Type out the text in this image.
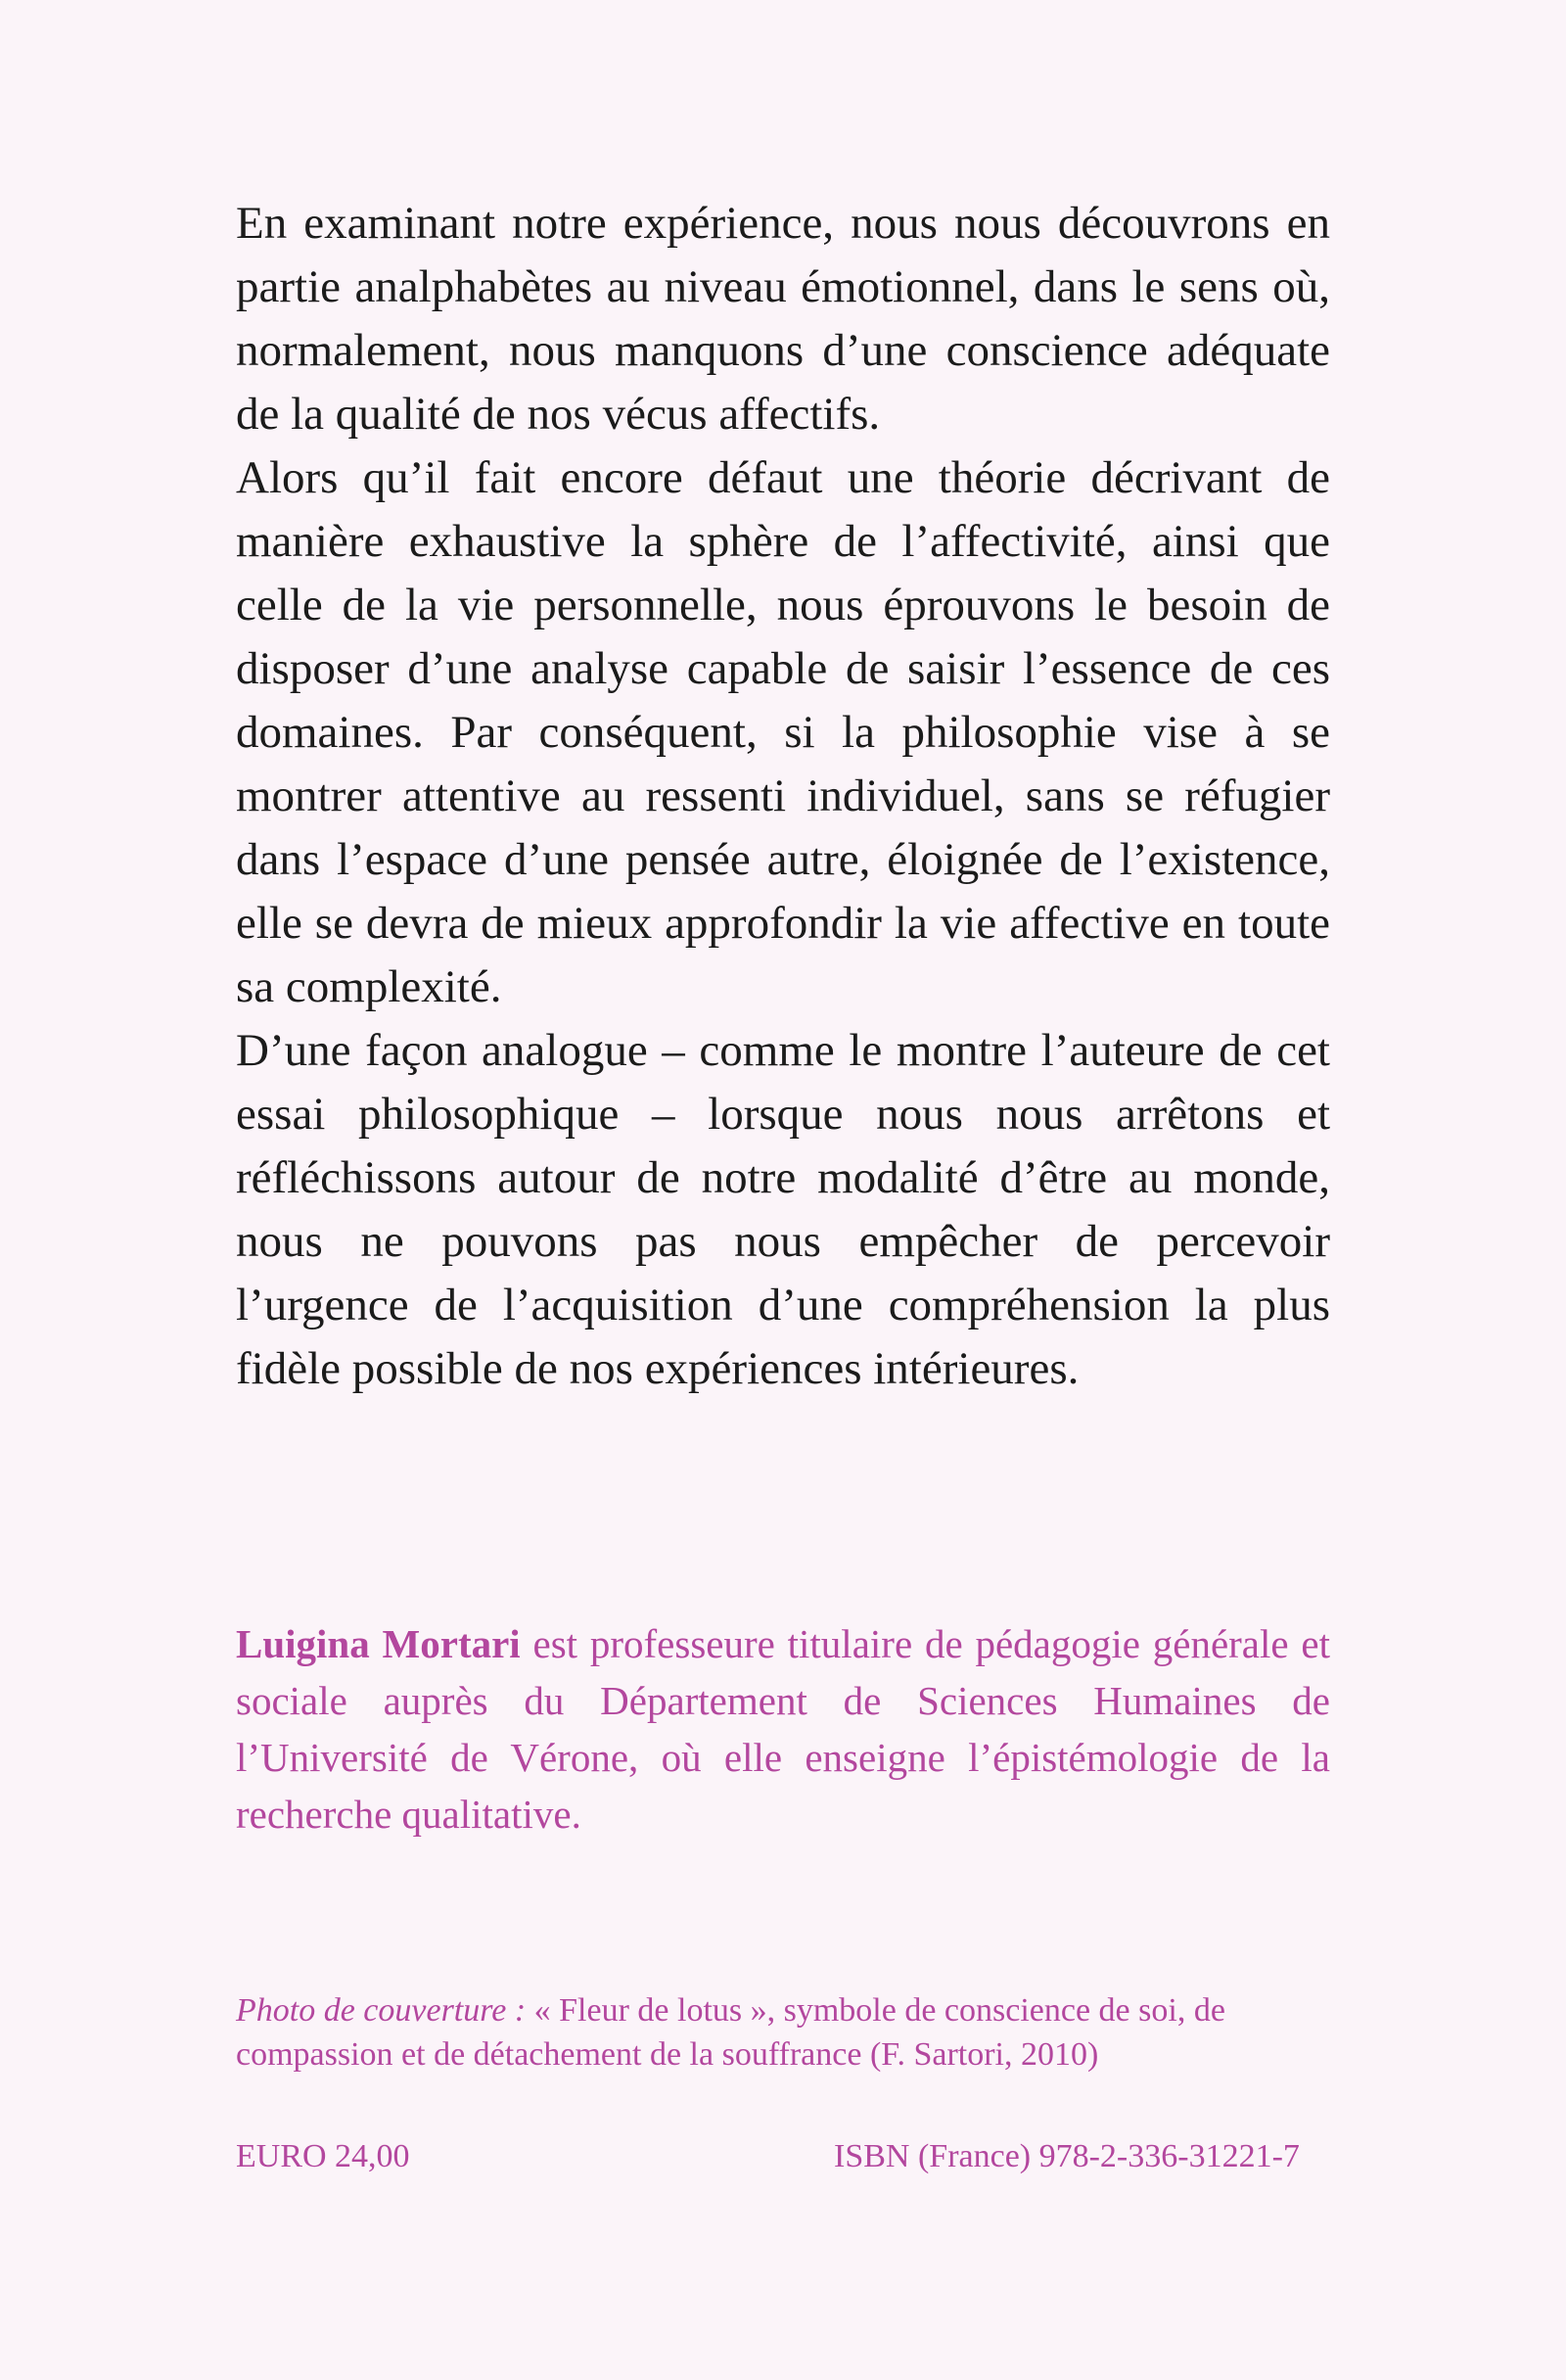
En examinant notre expérience, nous nous découvrons en partie analphabètes au niveau émotionnel, dans le sens où, normalement, nous manquons d’une conscience adéquate de la qualité de nos vécus affectifs.

Alors qu’il fait encore défaut une théorie décrivant de manière exhaustive la sphère de l’affectivité, ainsi que celle de la vie personnelle, nous éprouvons le besoin de disposer d’une analyse capable de saisir l’essence de ces domaines. Par conséquent, si la philosophie vise à se montrer attentive au ressenti individuel, sans se réfugier dans l’espace d’une pensée autre, éloignée de l’existence, elle se devra de mieux approfondir la vie affective en toute sa complexité.

D’une façon analogue – comme le montre l’auteure de cet essai philosophique – lorsque nous nous arrêtons et réfléchissons autour de notre modalité d’être au monde, nous ne pouvons pas nous empêcher de percevoir l’urgence de l’acquisition d’une compréhension la plus fidèle possible de nos expériences intérieures.

Luigina Mortari est professeure titulaire de pédagogie générale et sociale auprès du Département de Sciences Humaines de l’Université de Vérone, où elle enseigne l’épistémologie de la recherche qualitative.

Photo de couverture : « Fleur de lotus », symbole de conscience de soi, de compassion et de détachement de la souffrance (F. Sartori, 2010)

EURO 24,00	ISBN (France) 978-2-336-31221-7
